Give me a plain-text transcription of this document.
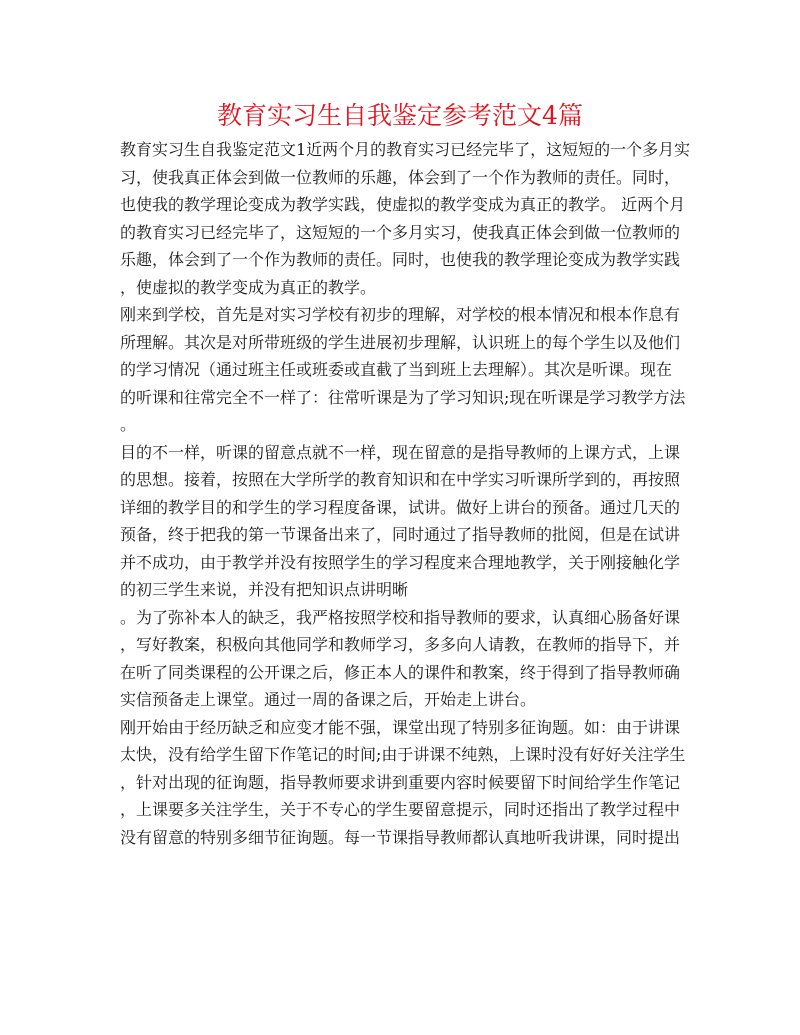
教育实习生自我鉴定参考范文4篇
教育实习生自我鉴定范文1近两个月的教育实习已经完毕了，这短短的一个多月实
习，使我真正体会到做一位教师的乐趣，体会到了一个作为教师的责任。同时，
也使我的教学理论变成为教学实践，使虚拟的教学变成为真正的教学。 近两个月
的教育实习已经完毕了，这短短的一个多月实习，使我真正体会到做一位教师的
乐趣，体会到了一个作为教师的责任。同时，也使我的教学理论变成为教学实践
，使虚拟的教学变成为真正的教学。
刚来到学校，首先是对实习学校有初步的理解，对学校的根本情况和根本作息有
所理解。其次是对所带班级的学生进展初步理解，认识班上的每个学生以及他们
的学习情况（通过班主任或班委或直截了当到班上去理解）。其次是听课。现在
的听课和往常完全不一样了：往常听课是为了学习知识;现在听课是学习教学方法
。
目的不一样，听课的留意点就不一样，现在留意的是指导教师的上课方式，上课
的思想。接着，按照在大学所学的教育知识和在中学实习听课所学到的，再按照
详细的教学目的和学生的学习程度备课，试讲。做好上讲台的预备。通过几天的
预备，终于把我的第一节课备出来了，同时通过了指导教师的批阅，但是在试讲
并不成功，由于教学并没有按照学生的学习程度来合理地教学，关于刚接触化学
的初三学生来说，并没有把知识点讲明晰
。为了弥补本人的缺乏，我严格按照学校和指导教师的要求，认真细心肠备好课
，写好教案，积极向其他同学和教师学习，多多向人请教，在教师的指导下，并
在听了同类课程的公开课之后，修正本人的课件和教案，终于得到了指导教师确
实信预备走上课堂。通过一周的备课之后，开始走上讲台。
刚开始由于经历缺乏和应变才能不强，课堂出现了特别多征询题。如：由于讲课
太快，没有给学生留下作笔记的时间;由于讲课不纯熟，上课时没有好好关注学生
，针对出现的征询题，指导教师要求讲到重要内容时候要留下时间给学生作笔记
，上课要多关注学生，关于不专心的学生要留意提示，同时还指出了教学过程中
没有留意的特别多细节征询题。每一节课指导教师都认真地听我讲课，同时提出
